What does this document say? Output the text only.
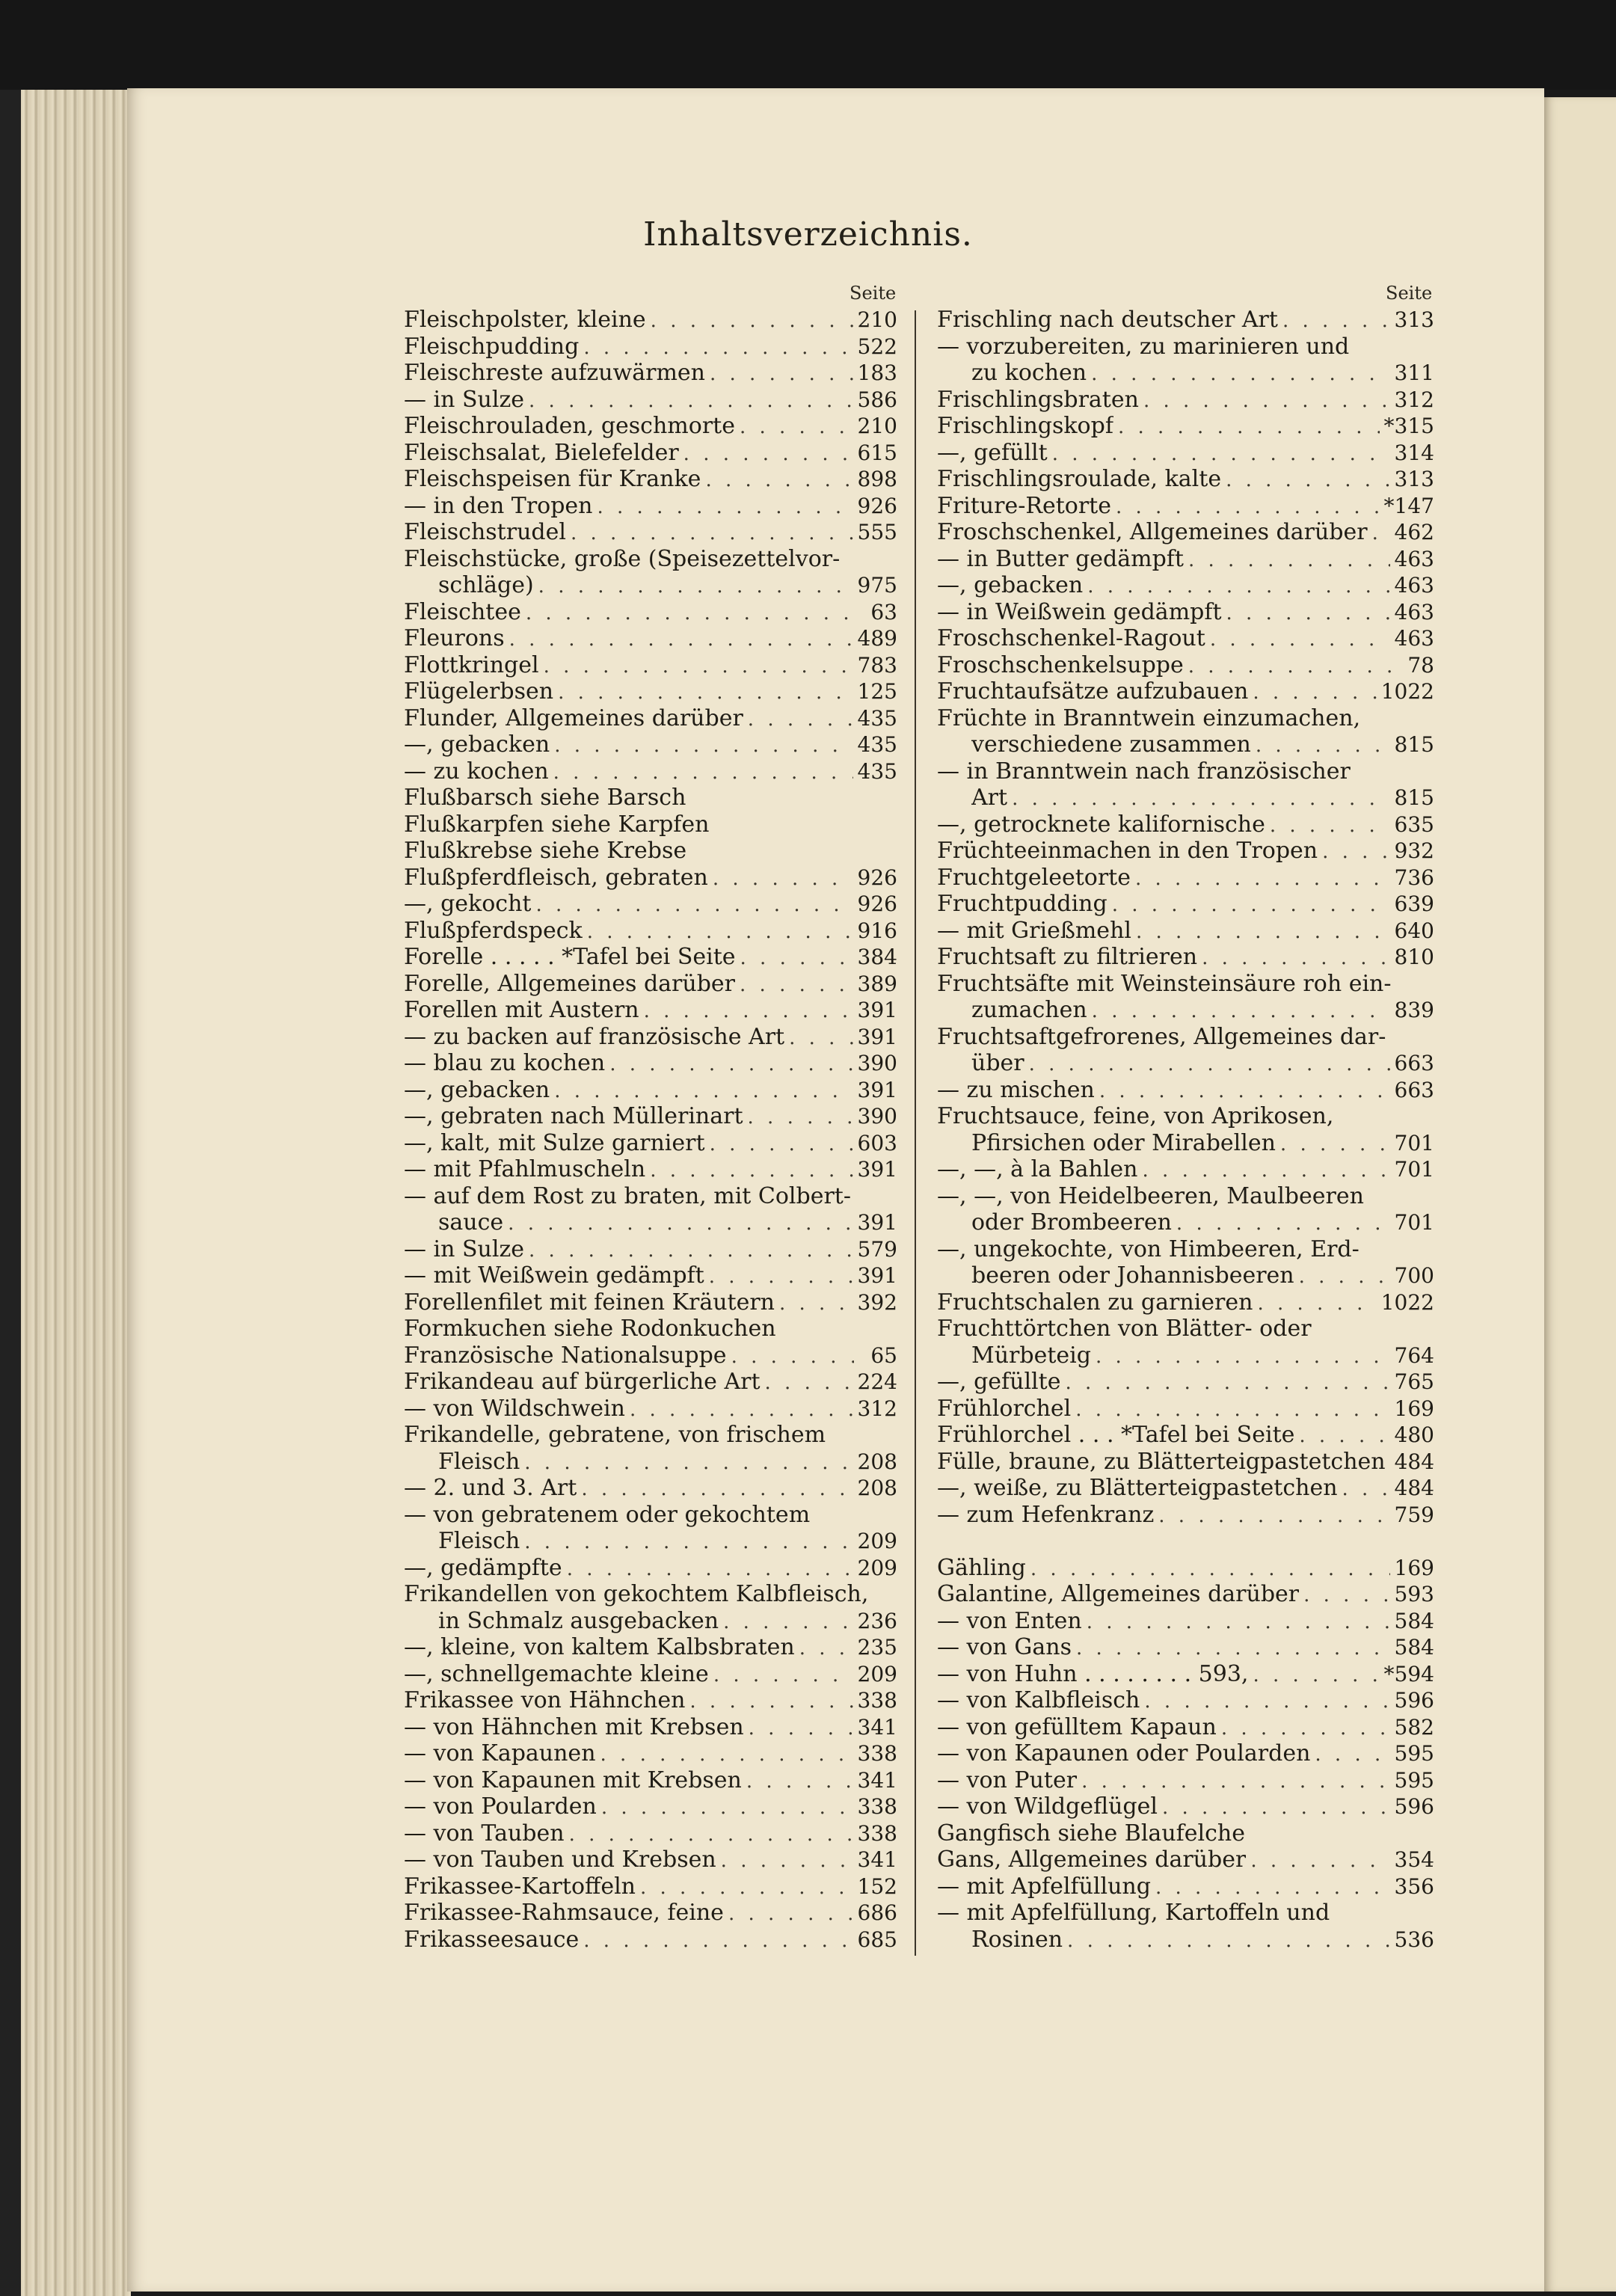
Inhaltsverzeichnis.
Seite	Seite
Fleischpolster, kleine . . .	210
Fleischpudding . . .	522
Fleischreste aufzuwärmen . . .	183
— in Sulze . . .	586
Fleischrouladen, geschmorte . . .	210
Fleischsalat, Bielefelder . . .	615
Fleischspeisen für Kranke . . .	898
— in den Tropen . . .	926
Fleischstrudel . . .	555
Fleischstücke, große (Speisezettelvor-
schläge) . . .	975
Fleischtee . . .	63
Fleurons . . .	489
Flottkringel . . .	783
Flügelerbsen . . .	125
Flunder, Allgemeines darüber . . .	435
—, gebacken . . .	435
— zu kochen . . .	435
Flußbarsch siehe Barsch
Flußkarpfen siehe Karpfen
Flußkrebse siehe Krebse
Flußpferdfleisch, gebraten . . .	926
—, gekocht . . .	926
Flußpferdspeck . . .	916
Forelle . . . . . *Tafel bei Seite . . .	384
Forelle, Allgemeines darüber . . .	389
Forellen mit Austern . . .	391
— zu backen auf französische Art . . .	391
— blau zu kochen . . .	390
—, gebacken . . .	391
—, gebraten nach Müllerinart . . .	390
—, kalt, mit Sulze garniert . . .	603
— mit Pfahlmuscheln . . .	391
— auf dem Rost zu braten, mit Colbert-
sauce . . .	391
— in Sulze . . .	579
— mit Weißwein gedämpft . . .	391
Forellenfilet mit feinen Kräutern . . .	392
Formkuchen siehe Rodonkuchen
Französische Nationalsuppe . . .	65
Frikandeau auf bürgerliche Art . . .	224
— von Wildschwein . . .	312
Frikandelle, gebratene, von frischem
Fleisch . . .	208
— 2. und 3. Art . . .	208
— von gebratenem oder gekochtem
Fleisch . . .	209
—, gedämpfte . . .	209
Frikandellen von gekochtem Kalbfleisch,
in Schmalz ausgebacken . . .	236
—, kleine, von kaltem Kalbsbraten . . .	235
—, schnellgemachte kleine . . .	209
Frikassee von Hähnchen . . .	338
— von Hähnchen mit Krebsen . . .	341
— von Kapaunen . . .	338
— von Kapaunen mit Krebsen . . .	341
— von Poularden . . .	338
— von Tauben . . .	338
— von Tauben und Krebsen . . .	341
Frikassee-Kartoffeln . . .	152
Frikassee-Rahmsauce, feine . . .	686
Frikasseesauce . . .	685
Frischling nach deutscher Art . . .	313
— vorzubereiten, zu marinieren und
zu kochen . . .	311
Frischlingsbraten . . .	312
Frischlingskopf . . .	*315
—, gefüllt . . .	314
Frischlingsroulade, kalte . . .	313
Friture-Retorte . . .	*147
Froschschenkel, Allgemeines darüber . . . 462
— in Butter gedämpft . . .	463
—, gebacken . . .	463
— in Weißwein gedämpft . . .	463
Froschschenkel-Ragout . . .	463
Froschschenkelsuppe . . .	78
Fruchtaufsätze aufzubauen . . .	1022
Früchte in Branntwein einzumachen,
verschiedene zusammen . . .	815
— in Branntwein nach französischer
Art . . .	815
—, getrocknete kalifornische . . .	635
Früchteeinmachen in den Tropen . . .	932
Fruchtgeleetorte . . .	736
Fruchtpudding . . .	639
— mit Grießmehl . . .	640
Fruchtsaft zu filtrieren . . .	810
Fruchtsäfte mit Weinsteinsäure roh ein-
zumachen . . .	839
Fruchtsaftgefrorenes, Allgemeines dar-
über . . .	663
— zu mischen . . .	663
Fruchtsauce, feine, von Aprikosen,
Pfirsichen oder Mirabellen . . .	701
—, —, à la Bahlen . . .	701
—, —, von Heidelbeeren, Maulbeeren
oder Brombeeren . . .	701
—, ungekochte, von Himbeeren, Erd-
beeren oder Johannisbeeren . . .	700
Fruchtschalen zu garnieren . . .	1022
Fruchttörtchen von Blätter- oder
Mürbeteig . . .	764
—, gefüllte . . .	765
Frühlorchel . . .	169
Frühlorchel . . . *Tafel bei Seite . . .	480
Fülle, braune, zu Blätterteigpastetchen 484
—, weiße, zu Blätterteigpastetchen . . .	484
— zum Hefenkranz . . .	759
Gähling . . .	169
Galantine, Allgemeines darüber . . .	593
— von Enten . . .	584
— von Gans . . .	584
— von Huhn . . . . . . . . 593, . . .	*594
— von Kalbfleisch . . .	596
— von gefülltem Kapaun . . .	582
— von Kapaunen oder Poularden . . .	595
— von Puter . . .	595
— von Wildgeflügel . . .	596
Gangfisch siehe Blaufelche
Gans, Allgemeines darüber . . .	354
— mit Apfelfüllung . . .	356
— mit Apfelfüllung, Kartoffeln und
Rosinen . . .	536
